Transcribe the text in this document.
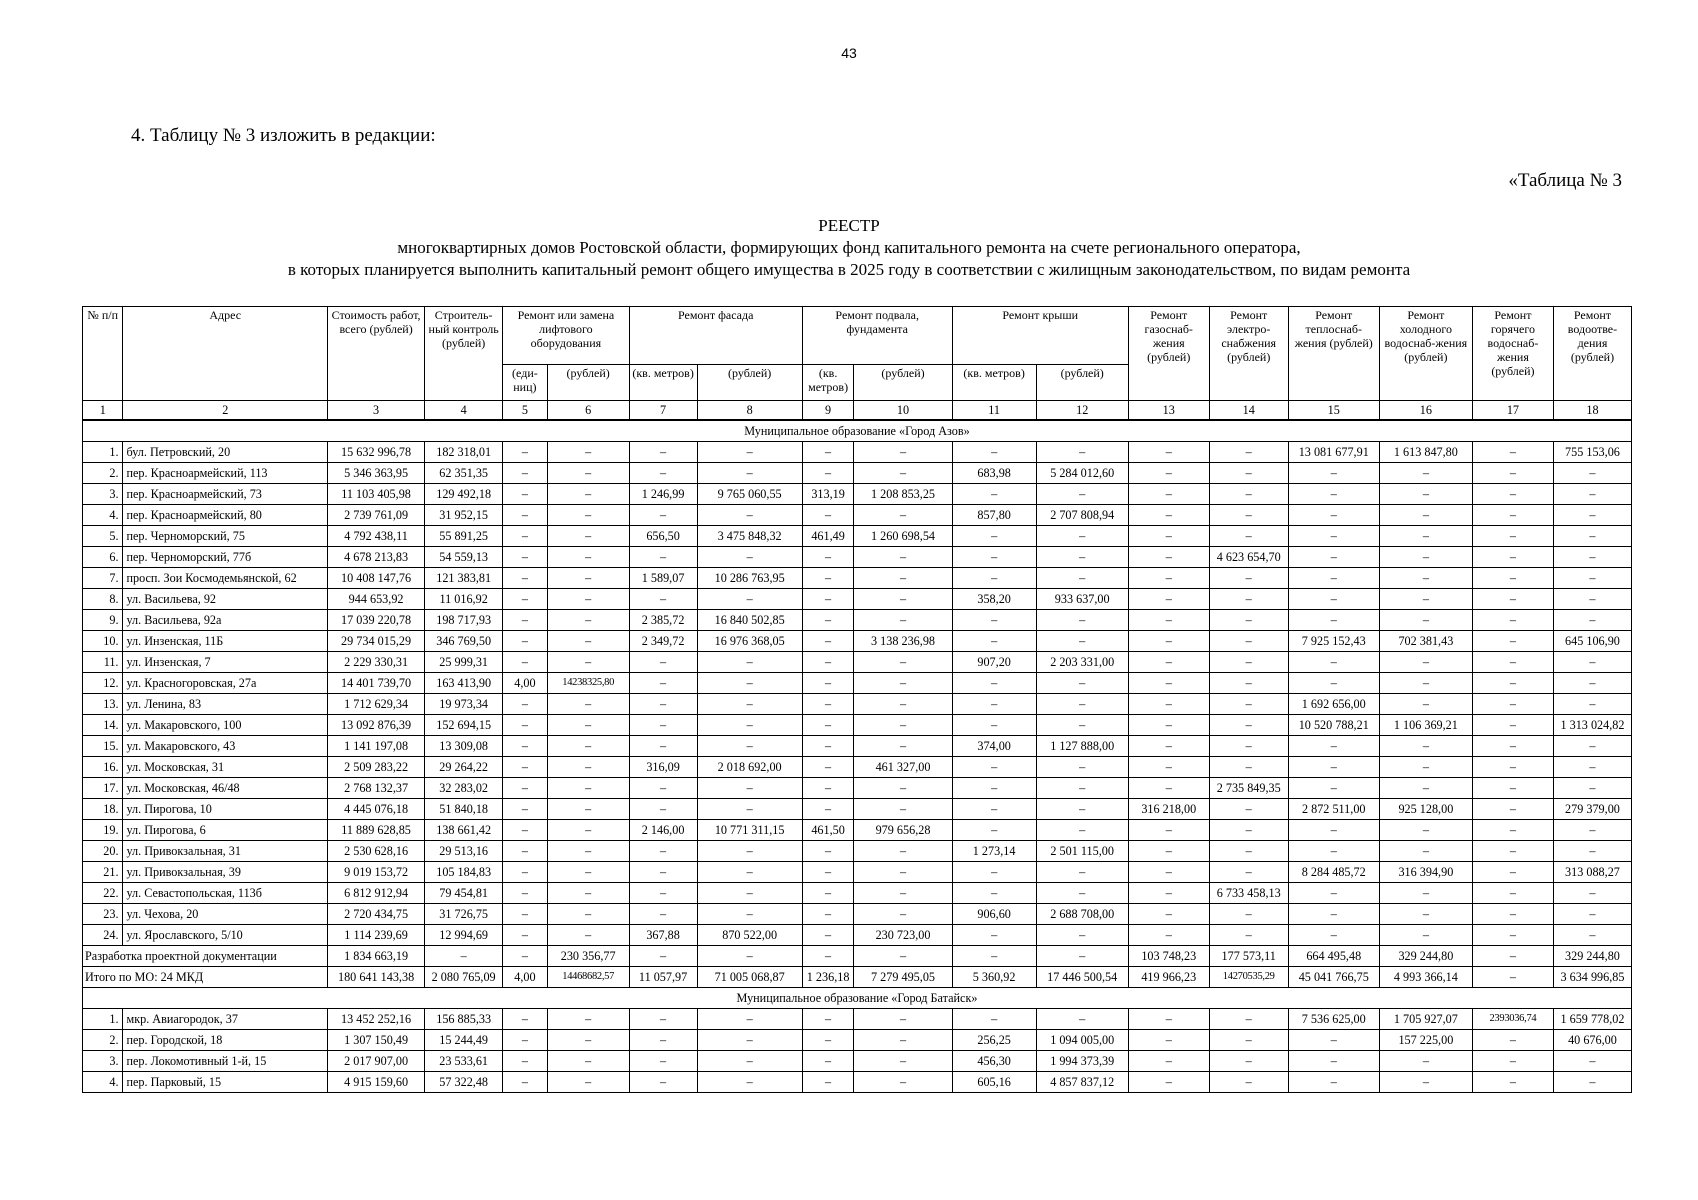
43
4. Таблицу № 3 изложить в редакции:
«Таблица № 3
РЕЕСТР
многоквартирных домов Ростовской области, формирующих фонд капитального ремонта на счете регионального оператора,
в которых планируется выполнить капитальный ремонт общего имущества в 2025 году в соответствии с жилищным законодательством, по видам ремонта
№ п/п	Адрес	Стоимость работ, всего (рублей)	Строитель-ный контроль (рублей)	Ремонт или замена лифтового оборудования		Ремонт фасада		Ремонт подвала, фундамента		Ремонт крыши		Ремонт газоснаб-жения (рублей)	Ремонт электро-снабжения (рублей)	Ремонт теплоснаб-жения (рублей)	Ремонт холодного водоснаб-жения (рублей)	Ремонт горячего водоснаб-жения (рублей)	Ремонт водоотве-дения (рублей)
				(еди-ниц)	(рублей)	(кв. метров)	(рублей)	(кв. метров)	(рублей)	(кв. метров)	(рублей)						
1	2	3	4	5	6	7	8	9	10	11	12	13	14	15	16	17	18
Муниципальное образование «Город Азов»																	
1.	бул. Петровский, 20	15 632 996,78	182 318,01	–	–	–	–	–	–	–	–	–	–	13 081 677,91	1 613 847,80	–	755 153,06
2.	пер. Красноармейский, 113	5 346 363,95	62 351,35	–	–	–	–	–	–	683,98	5 284 012,60	–	–	–	–	–	–
3.	пер. Красноармейский, 73	11 103 405,98	129 492,18	–	–	1 246,99	9 765 060,55	313,19	1 208 853,25	–	–	–	–	–	–	–	–
4.	пер. Красноармейский, 80	2 739 761,09	31 952,15	–	–	–	–	–	–	857,80	2 707 808,94	–	–	–	–	–	–
5.	пер. Черноморский, 75	4 792 438,11	55 891,25	–	–	656,50	3 475 848,32	461,49	1 260 698,54	–	–	–	–	–	–	–	–
6.	пер. Черноморский, 77б	4 678 213,83	54 559,13	–	–	–	–	–	–	–	–	–	4 623 654,70	–	–	–	–
7.	просп. Зои Космодемьянской, 62	10 408 147,76	121 383,81	–	–	1 589,07	10 286 763,95	–	–	–	–	–	–	–	–	–	–
8.	ул. Васильева, 92	944 653,92	11 016,92	–	–	–	–	–	–	358,20	933 637,00	–	–	–	–	–	–
9.	ул. Васильева, 92а	17 039 220,78	198 717,93	–	–	2 385,72	16 840 502,85	–	–	–	–	–	–	–	–	–	–
10.	ул. Инзенская, 11Б	29 734 015,29	346 769,50	–	–	2 349,72	16 976 368,05	–	3 138 236,98	–	–	–	–	7 925 152,43	702 381,43	–	645 106,90
11.	ул. Инзенская, 7	2 229 330,31	25 999,31	–	–	–	–	–	–	907,20	2 203 331,00	–	–	–	–	–	–
12.	ул. Красногоровская, 27а	14 401 739,70	163 413,90	4,00	14238325,80	–	–	–	–	–	–	–	–	–	–	–	–
13.	ул. Ленина, 83	1 712 629,34	19 973,34	–	–	–	–	–	–	–	–	–	–	1 692 656,00	–	–	–
14.	ул. Макаровского, 100	13 092 876,39	152 694,15	–	–	–	–	–	–	–	–	–	–	10 520 788,21	1 106 369,21	–	1 313 024,82
15.	ул. Макаровского, 43	1 141 197,08	13 309,08	–	–	–	–	–	–	374,00	1 127 888,00	–	–	–	–	–	–
16.	ул. Московская, 31	2 509 283,22	29 264,22	–	–	316,09	2 018 692,00	–	461 327,00	–	–	–	–	–	–	–	–
17.	ул. Московская, 46/48	2 768 132,37	32 283,02	–	–	–	–	–	–	–	–	–	2 735 849,35	–	–	–	–
18.	ул. Пирогова, 10	4 445 076,18	51 840,18	–	–	–	–	–	–	–	–	316 218,00	–	2 872 511,00	925 128,00	–	279 379,00
19.	ул. Пирогова, 6	11 889 628,85	138 661,42	–	–	2 146,00	10 771 311,15	461,50	979 656,28	–	–	–	–	–	–	–	–
20.	ул. Привокзальная, 31	2 530 628,16	29 513,16	–	–	–	–	–	–	1 273,14	2 501 115,00	–	–	–	–	–	–
21.	ул. Привокзальная, 39	9 019 153,72	105 184,83	–	–	–	–	–	–	–	–	–	–	8 284 485,72	316 394,90	–	313 088,27
22.	ул. Севастопольская, 113б	6 812 912,94	79 454,81	–	–	–	–	–	–	–	–	–	6 733 458,13	–	–	–	–
23.	ул. Чехова, 20	2 720 434,75	31 726,75	–	–	–	–	–	–	906,60	2 688 708,00	–	–	–	–	–	–
24.	ул. Ярославского, 5/10	1 114 239,69	12 994,69	–	–	367,88	870 522,00	–	230 723,00	–	–	–	–	–	–	–	–
Разработка проектной документации		1 834 663,19	–	–	230 356,77	–	–	–	–	–	–	103 748,23	177 573,11	664 495,48	329 244,80	–	329 244,80
Итого по МО: 24 МКД		180 641 143,38	2 080 765,09	4,00	14468682,57	11 057,97	71 005 068,87	1 236,18	7 279 495,05	5 360,92	17 446 500,54	419 966,23	14270535,29	45 041 766,75	4 993 366,14	–	3 634 996,85
Муниципальное образование «Город Батайск»																	
1.	мкр. Авиагородок, 37	13 452 252,16	156 885,33	–	–	–	–	–	–	–	–	–	–	7 536 625,00	1 705 927,07	2393036,74	1 659 778,02
2.	пер. Городской, 18	1 307 150,49	15 244,49	–	–	–	–	–	–	256,25	1 094 005,00	–	–	–	157 225,00	–	40 676,00
3.	пер. Локомотивный 1-й, 15	2 017 907,00	23 533,61	–	–	–	–	–	–	456,30	1 994 373,39	–	–	–	–	–	–
4.	пер. Парковый, 15	4 915 159,60	57 322,48	–	–	–	–	–	–	605,16	4 857 837,12	–	–	–	–	–	–
